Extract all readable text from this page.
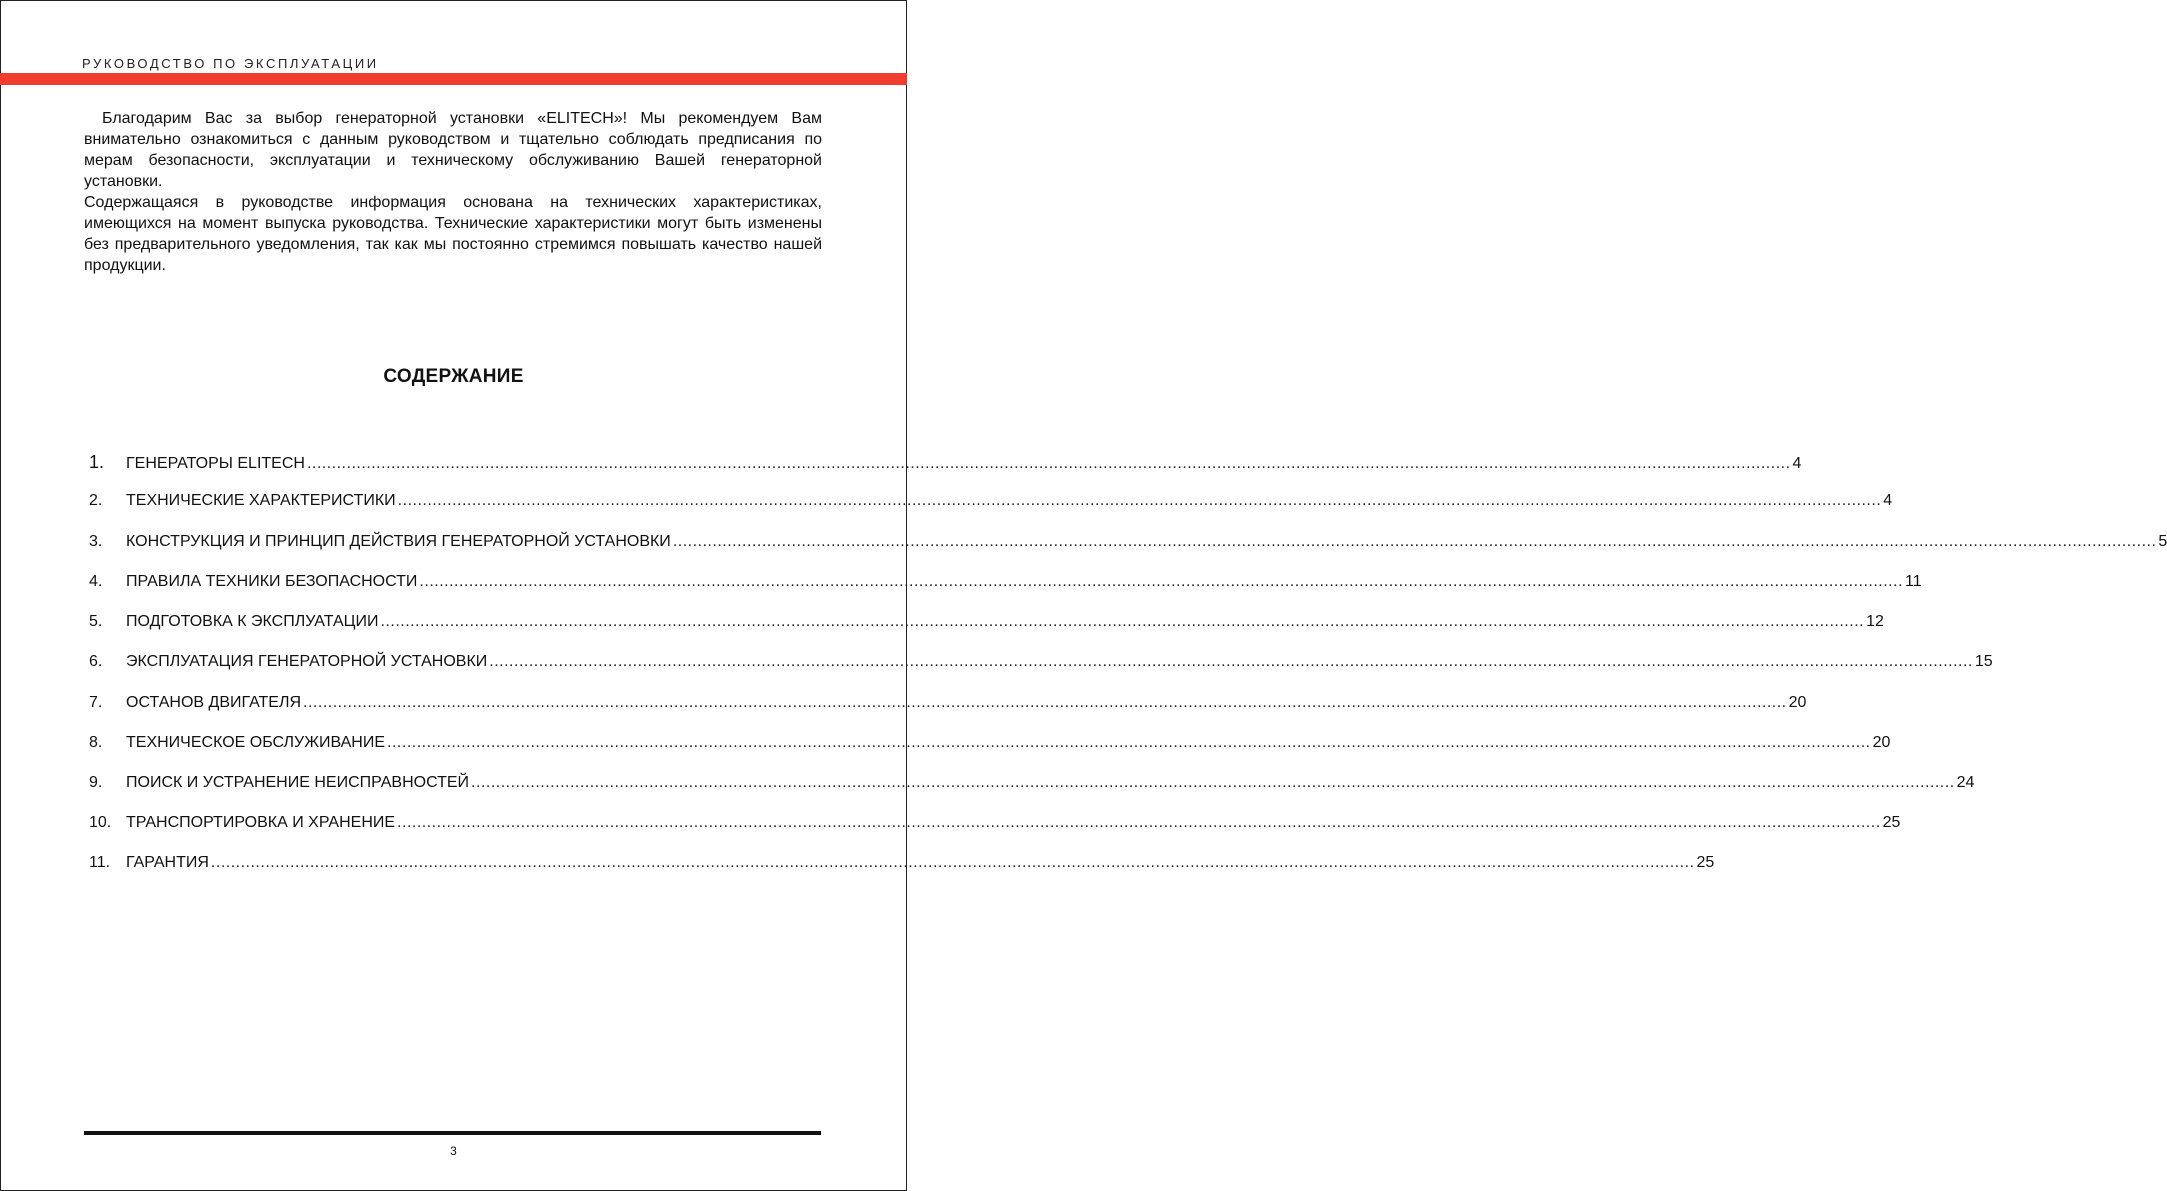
РУКОВОДСТВО ПО ЭКСПЛУАТАЦИИ

Благодарим Вас за выбор генераторной установки «ELITECH»! Мы рекомендуем Вам внимательно ознакомиться с данным руководством и тщательно соблюдать предписания по мерам безопасности, эксплуатации и техническому обслуживанию Вашей генераторной установки.

Содержащаяся в руководстве информация основана на технических характеристиках, имеющихся на момент выпуска руководства. Технические характеристики могут быть изменены без предварительного уведомления, так как мы постоянно стремимся повышать качество нашей продукции.

СОДЕРЖАНИЕ
1.	ГЕНЕРАТОРЫ ELITECH ............................................................................................................................................................................................................................................................................................................ 4
2.	ТЕХНИЧЕСКИЕ ХАРАКТЕРИСТИКИ ............................................................................................................................................................................................................................................................................................................ 4
3.	КОНСТРУКЦИЯ И ПРИНЦИП ДЕЙСТВИЯ ГЕНЕРАТОРНОЙ УСТАНОВКИ ............................................................................................................................................................................................................................................................................................................ 5
4.	ПРАВИЛА ТЕХНИКИ БЕЗОПАСНОСТИ ............................................................................................................................................................................................................................................................................................................ 11
5.	ПОДГОТОВКА К ЭКСПЛУАТАЦИИ ............................................................................................................................................................................................................................................................................................................ 12
6.	ЭКСПЛУАТАЦИЯ ГЕНЕРАТОРНОЙ УСТАНОВКИ ............................................................................................................................................................................................................................................................................................................ 15
7.	ОСТАНОВ ДВИГАТЕЛЯ ............................................................................................................................................................................................................................................................................................................ 20
8.	ТЕХНИЧЕСКОЕ ОБСЛУЖИВАНИЕ ............................................................................................................................................................................................................................................................................................................ 20
9.	ПОИСК И УСТРАНЕНИЕ НЕИСПРАВНОСТЕЙ ............................................................................................................................................................................................................................................................................................................ 24
10. ТРАНСПОРТИРОВКА И ХРАНЕНИЕ ............................................................................................................................................................................................................................................................................................................ 25
11. ГАРАНТИЯ ............................................................................................................................................................................................................................................................................................................ 25
3
